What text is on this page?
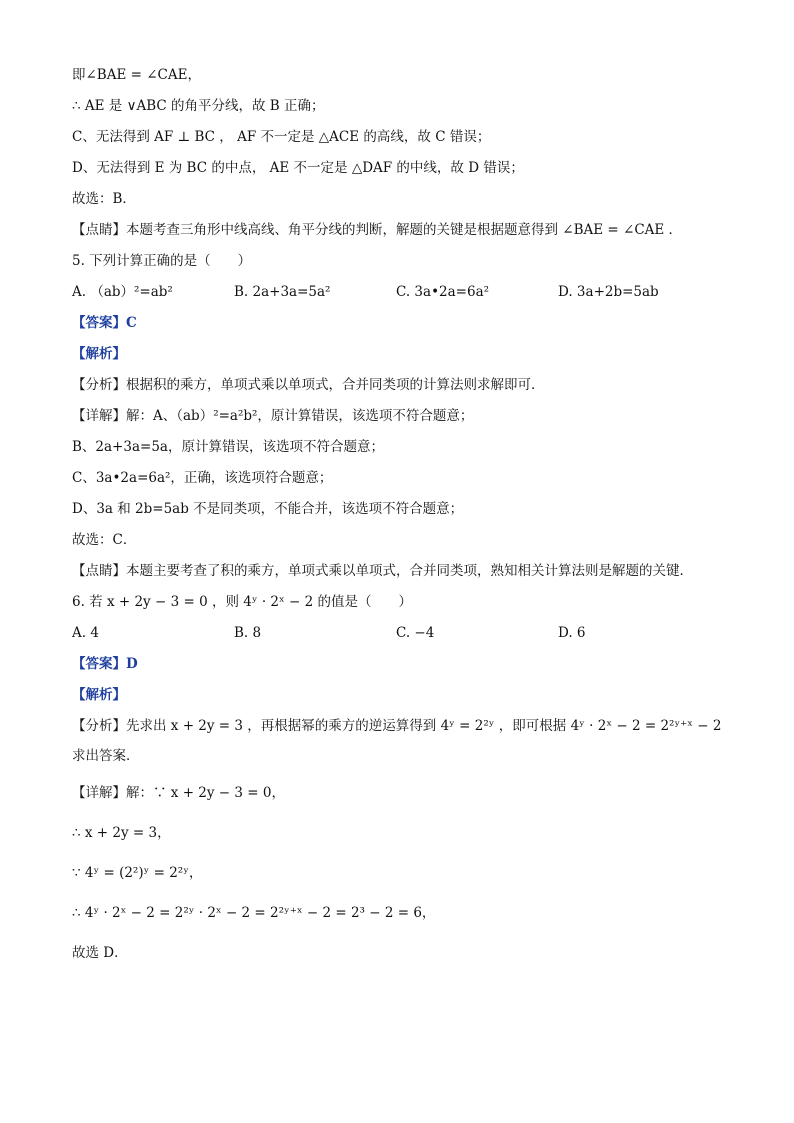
即∠BAE = ∠CAE，
∴ AE 是 ∨ABC 的角平分线，故 B 正确；
C、无法得到 AF ⊥ BC ， AF 不一定是 △ACE 的高线，故 C 错误；
D、无法得到 E 为 BC 的中点， AE 不一定是 △DAF 的中线，故 D 错误；
故选：B．
【点睛】本题考查三角形中线高线、角平分线的判断，解题的关键是根据题意得到 ∠BAE = ∠CAE ．
5. 下列计算正确的是（　　）
A. （ab）²=ab²	B. 2a+3a=5a²	C. 3a•2a=6a²	D. 3a+2b=5ab
【答案】C
【解析】
【分析】根据积的乘方，单项式乘以单项式，合并同类项的计算法则求解即可．
【详解】解：A、（ab）²=a²b²，原计算错误，该选项不符合题意；
B、2a+3a=5a，原计算错误，该选项不符合题意；
C、3a•2a=6a²，正确，该选项符合题意；
D、3a 和 2b=5ab 不是同类项，不能合并，该选项不符合题意；
故选：C．
【点睛】本题主要考查了积的乘方，单项式乘以单项式，合并同类项，熟知相关计算法则是解题的关键．
6. 若 x + 2y − 3 = 0 ，则 4ʸ · 2ˣ − 2 的值是（　　）
A. 4	B. 8	C. −4	D. 6
【答案】D
【解析】
【分析】先求出 x + 2y = 3 ，再根据幂的乘方的逆运算得到 4ʸ = 2²ʸ ，即可根据 4ʸ · 2ˣ − 2 = 2²ʸ⁺ˣ − 2 求出答案．
【详解】解：∵ x + 2y − 3 = 0，
∴ x + 2y = 3，
∵ 4ʸ = (2²)ʸ = 2²ʸ，
∴ 4ʸ · 2ˣ − 2 = 2²ʸ · 2ˣ − 2 = 2²ʸ⁺ˣ − 2 = 2³ − 2 = 6，
故选 D．
